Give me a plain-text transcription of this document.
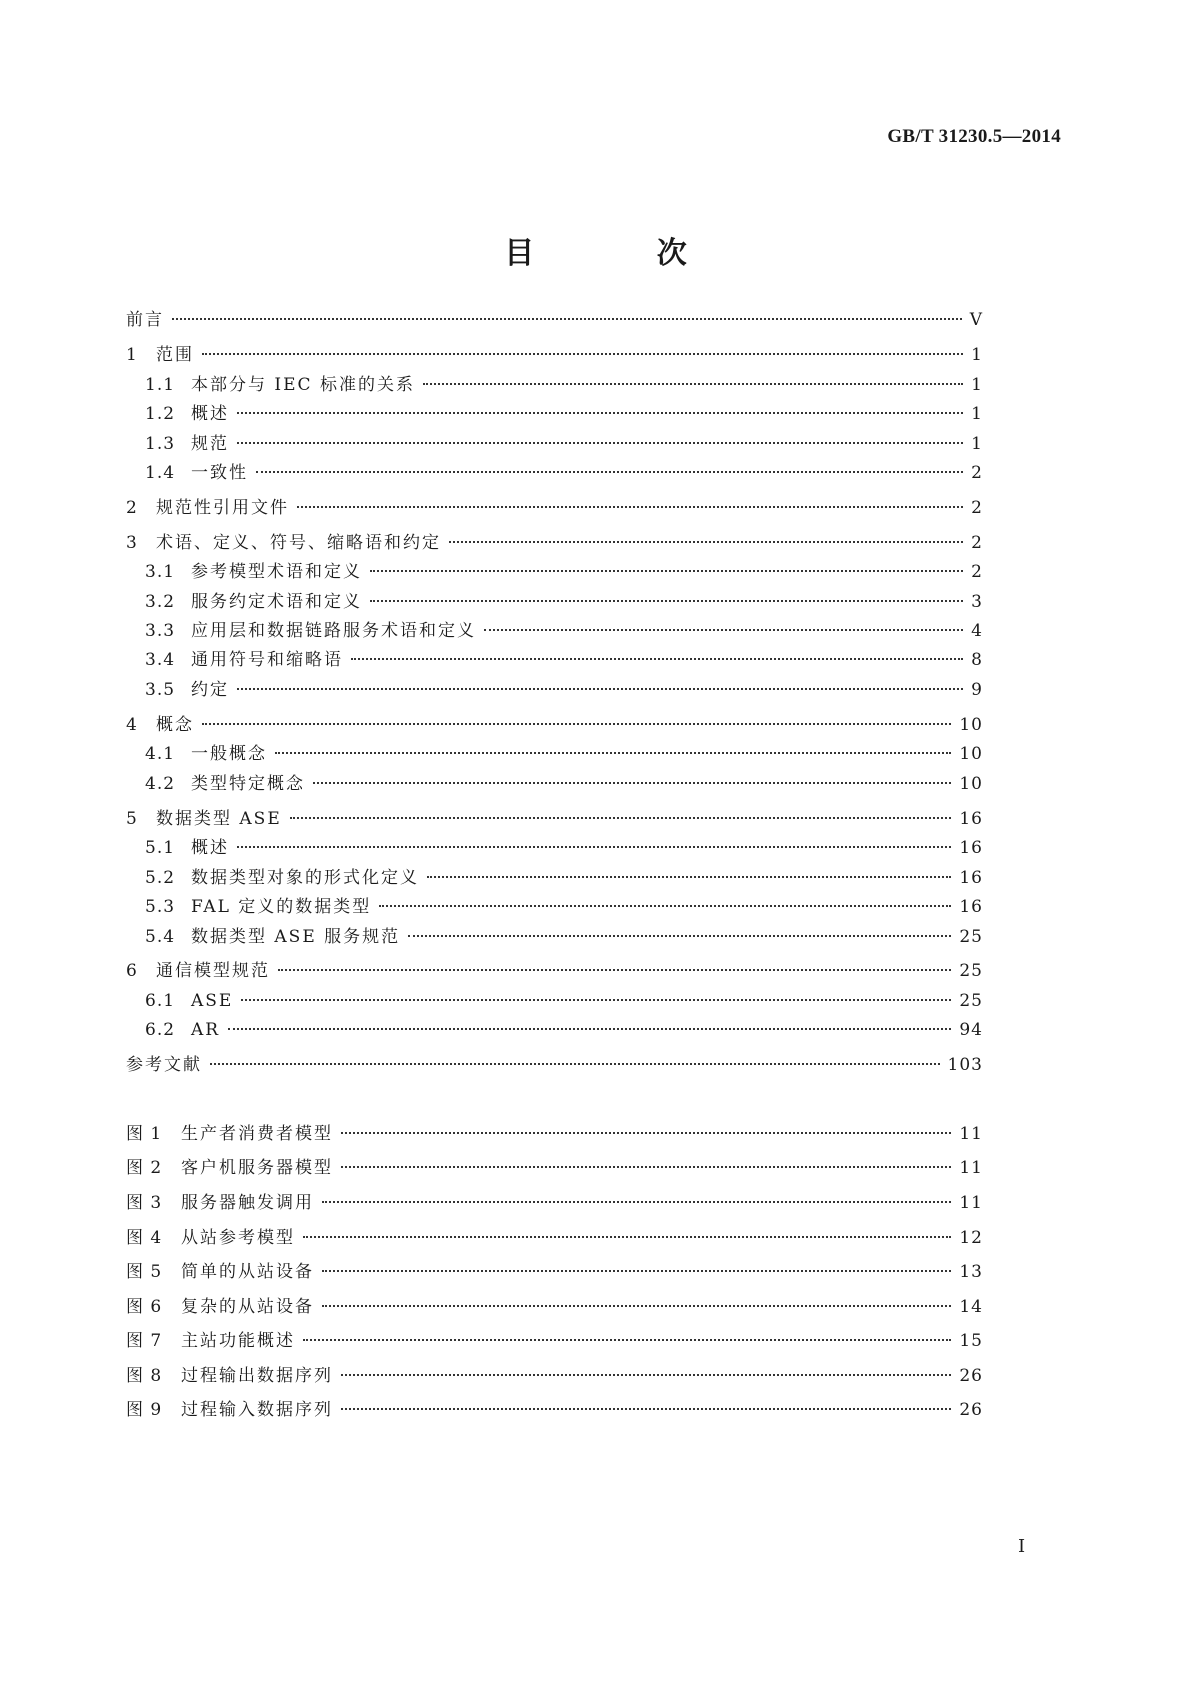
GB/T 31230.5—2014
目 次
前言	V
1	范围	1
1.1 本部分与 IEC 标准的关系	1
1.2 概述	1
1.3 规范	1
1.4 一致性	2
2	规范性引用文件	2
3	术语、定义、符号、缩略语和约定	2
3.1 参考模型术语和定义	2
3.2 服务约定术语和定义	3
3.3 应用层和数据链路服务术语和定义	4
3.4 通用符号和缩略语	8
3.5 约定	9
4	概念	10
4.1 一般概念	10
4.2 类型特定概念	10
5	数据类型 ASE	16
5.1 概述	16
5.2 数据类型对象的形式化定义	16
5.3 FAL 定义的数据类型	16
5.4 数据类型 ASE 服务规范	25
6	通信模型规范	25
6.1 ASE	25
6.2 AR	94
参考文献	103
图 1	生产者消费者模型	11
图 2	客户机服务器模型	11
图 3	服务器触发调用	11
图 4	从站参考模型	12
图 5	简单的从站设备	13
图 6	复杂的从站设备	14
图 7	主站功能概述	15
图 8	过程输出数据序列	26
图 9	过程输入数据序列	26
I
